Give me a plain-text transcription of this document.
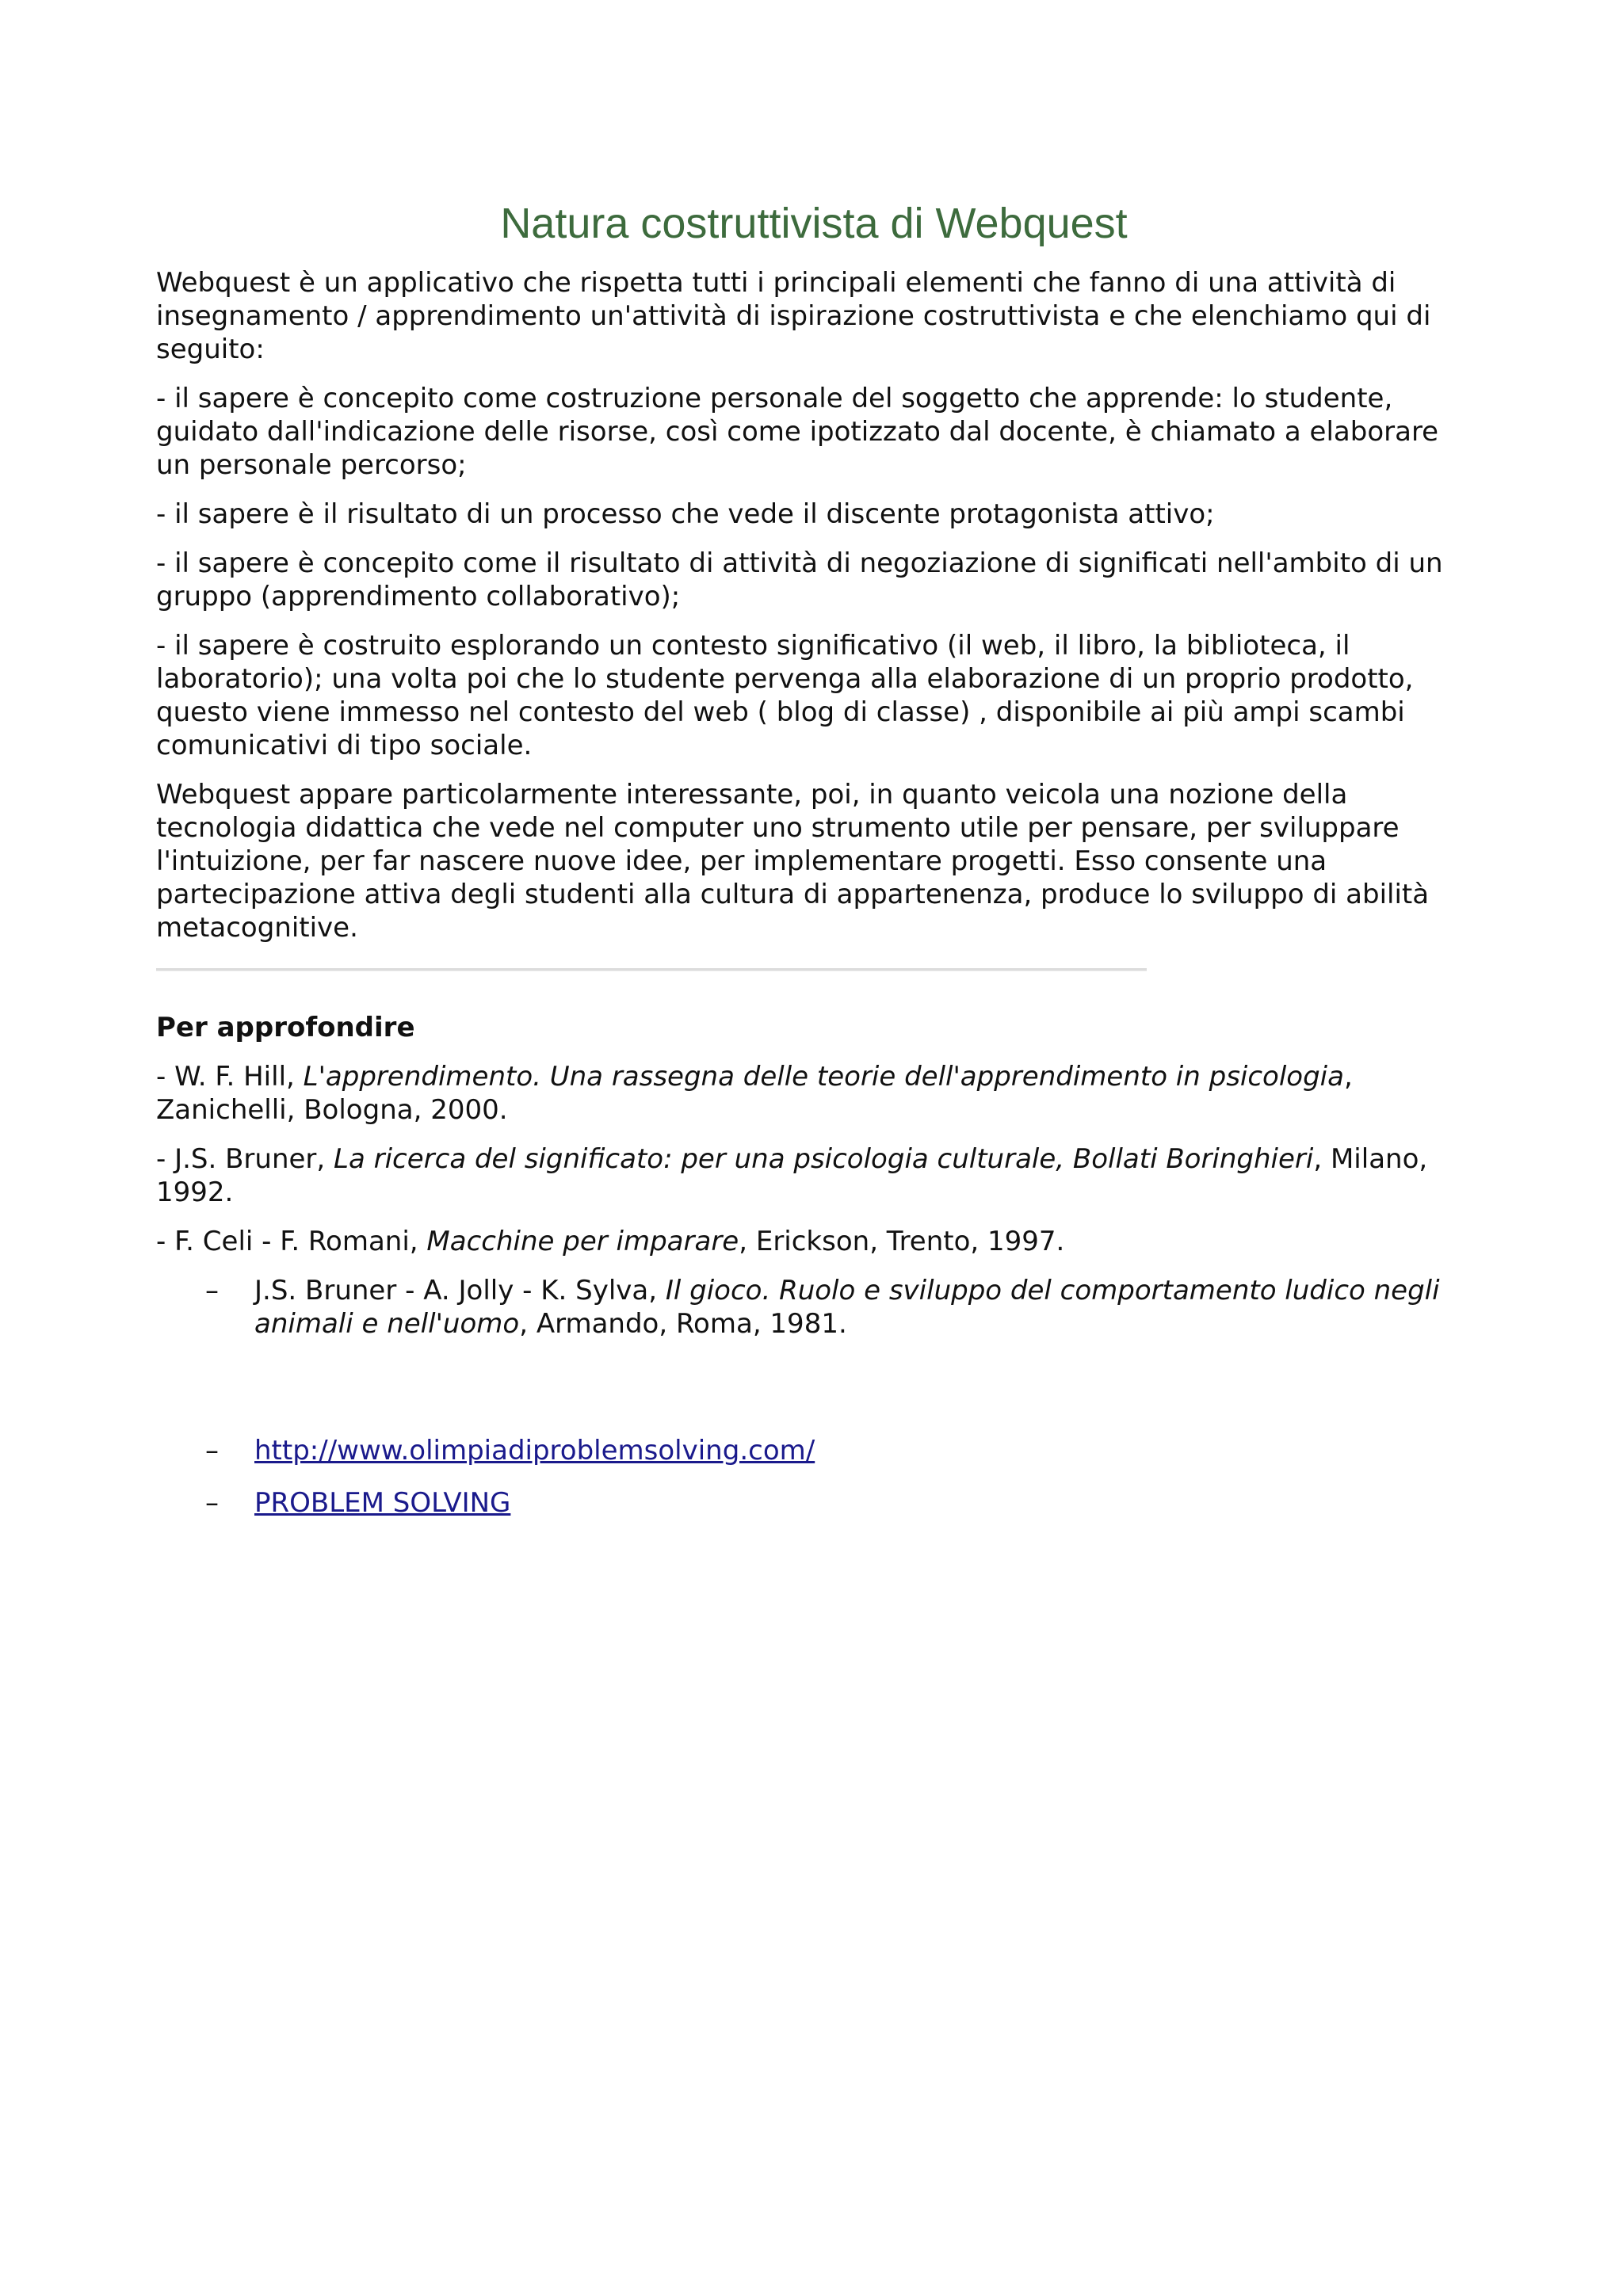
Natura costruttivista di Webquest

Webquest è un applicativo che rispetta tutti i principali elementi che fanno di una attività di insegnamento / apprendimento un'attività di ispirazione costruttivista e che elenchiamo qui di seguito:

- il sapere è concepito come costruzione personale del soggetto che apprende: lo studente, guidato dall'indicazione delle risorse, così come ipotizzato dal docente, è chiamato a elaborare un personale percorso;

- il sapere è il risultato di un processo che vede il discente protagonista attivo;

- il sapere è concepito come il risultato di attività di negoziazione di significati nell'ambito di un gruppo (apprendimento collaborativo);

- il sapere è costruito esplorando un contesto significativo (il web, il libro, la biblioteca, il laboratorio); una volta poi che lo studente pervenga alla elaborazione di un proprio prodotto, questo viene immesso nel contesto del web ( blog di classe) , disponibile ai più ampi scambi comunicativi di tipo sociale.

Webquest appare particolarmente interessante, poi, in quanto veicola una nozione della tecnologia didattica che vede nel computer uno strumento utile per pensare, per sviluppare l'intuizione, per far nascere nuove idee, per implementare progetti. Esso consente una partecipazione attiva degli studenti alla cultura di appartenenza, produce lo sviluppo di abilità metacognitive.

Per approfondire

- W. F. Hill, L'apprendimento. Una rassegna delle teorie dell'apprendimento in psicologia, Zanichelli, Bologna, 2000.

- J.S. Bruner, La ricerca del significato: per una psicologia culturale, Bollati Boringhieri, Milano, 1992.

- F. Celi - F. Romani, Macchine per imparare, Erickson, Trento, 1997.

– J.S. Bruner - A. Jolly - K. Sylva, Il gioco. Ruolo e sviluppo del comportamento ludico negli animali e nell'uomo, Armando, Roma, 1981.
– http://www.olimpiadiproblemsolving.com/
– PROBLEM SOLVING
